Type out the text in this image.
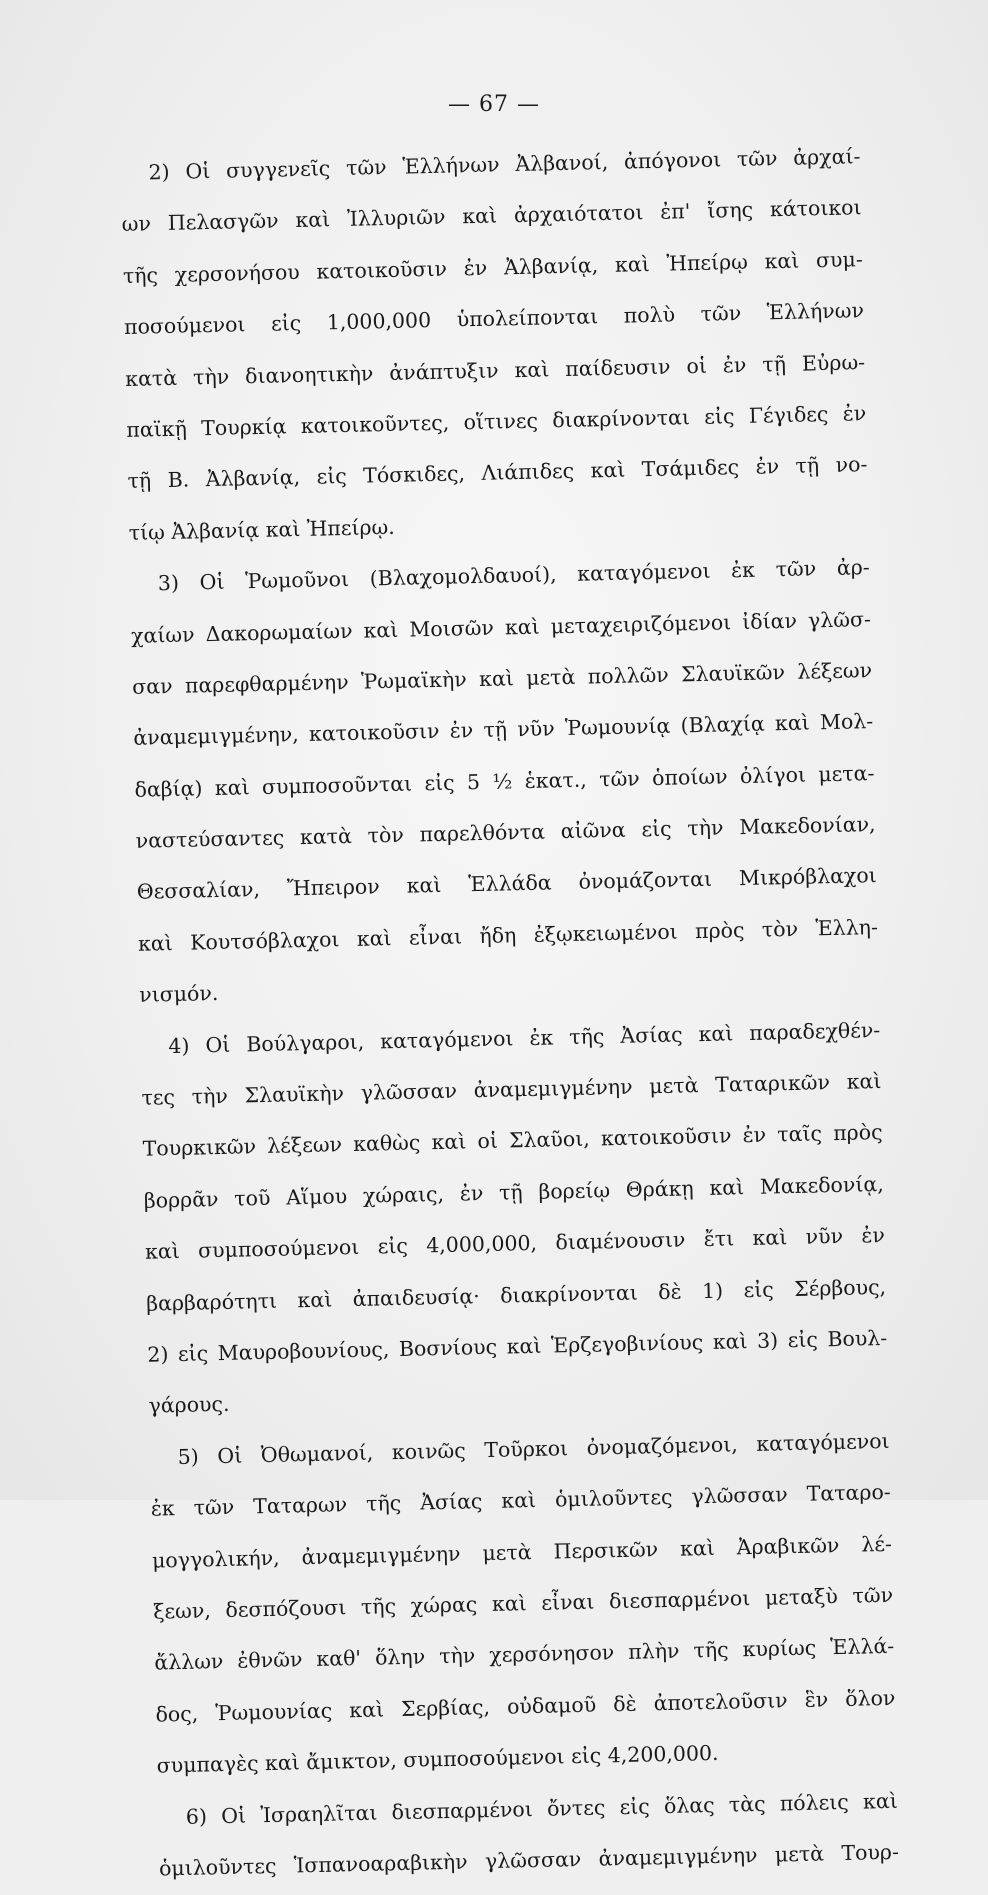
— 67 —
2) Οἱ συγγενεῖς τῶν Ἑλλήνων Ἀλβανοί, ἀπόγονοι τῶν ἀρχαί-
ων Πελασγῶν καὶ Ἰλλυριῶν καὶ ἀρχαιότατοι ἐπ' ἴσης κάτοικοι
τῆς χερσονήσου κατοικοῦσιν ἐν Ἀλβανίᾳ, καὶ Ἠπείρῳ καὶ συμ-
ποσούμενοι εἰς 1,000,000 ὑπολείπονται πολὺ τῶν Ἑλλήνων
κατὰ τὴν διανοητικὴν ἀνάπτυξιν καὶ παίδευσιν οἱ ἐν τῇ Εὐρω-
παϊκῇ Τουρκίᾳ κατοικοῦντες, οἵτινες διακρίνονται εἰς Γέγιδες ἐν
τῇ Β. Ἀλβανίᾳ, εἰς Τόσκιδες, Λιάπιδες καὶ Τσάμιδες ἐν τῇ νο-
τίῳ Ἀλβανίᾳ καὶ Ἠπείρῳ.
3) Οἱ Ῥωμοῦνοι (Βλαχομολδαυοί), καταγόμενοι ἐκ τῶν ἀρ-
χαίων Δακορωμαίων καὶ Μοισῶν καὶ μεταχειριζόμενοι ἰδίαν γλῶσ-
σαν παρεφθαρμένην Ῥωμαϊκὴν καὶ μετὰ πολλῶν Σλαυϊκῶν λέξεων
ἀναμεμιγμένην, κατοικοῦσιν ἐν τῇ νῦν Ῥωμουνίᾳ (Βλαχίᾳ καὶ Μολ-
δαβίᾳ) καὶ συμποσοῦνται εἰς 5 ½ ἑκατ., τῶν ὁποίων ὀλίγοι μετα-
ναστεύσαντες κατὰ τὸν παρελθόντα αἰῶνα εἰς τὴν Μακεδονίαν,
Θεσσαλίαν, Ἤπειρον καὶ Ἑλλάδα ὀνομάζονται Μικρόβλαχοι
καὶ Κουτσόβλαχοι καὶ εἶναι ἤδη ἐξῳκειωμένοι πρὸς τὸν Ἑλλη-
νισμόν.
4) Οἱ Βούλγαροι, καταγόμενοι ἐκ τῆς Ἀσίας καὶ παραδεχθέν-
τες τὴν Σλαυϊκὴν γλῶσσαν ἀναμεμιγμένην μετὰ Ταταρικῶν καὶ
Τουρκικῶν λέξεων καθὼς καὶ οἱ Σλαῦοι, κατοικοῦσιν ἐν ταῖς πρὸς
βορρᾶν τοῦ Αἵμου χώραις, ἐν τῇ βορείῳ Θράκῃ καὶ Μακεδονίᾳ,
καὶ συμποσούμενοι εἰς 4,000,000, διαμένουσιν ἔτι καὶ νῦν ἐν
βαρβαρότητι καὶ ἀπαιδευσίᾳ· διακρίνονται δὲ 1) εἰς Σέρβους,
2) εἰς Μαυροβουνίους, Βοσνίους καὶ Ἑρζεγοβινίους καὶ 3) εἰς Βουλ-
γάρους.
5) Οἱ Ὀθωμανοί, κοινῶς Τοῦρκοι ὀνομαζόμενοι, καταγόμενοι
ἐκ τῶν Ταταρων τῆς Ἀσίας καὶ ὁμιλοῦντες γλῶσσαν Ταταρο-
μογγολικήν, ἀναμεμιγμένην μετὰ Περσικῶν καὶ Ἀραβικῶν λέ-
ξεων, δεσπόζουσι τῆς χώρας καὶ εἶναι διεσπαρμένοι μεταξὺ τῶν
ἄλλων ἐθνῶν καθ' ὅλην τὴν χερσόνησον πλὴν τῆς κυρίως Ἑλλά-
δος, Ῥωμουνίας καὶ Σερβίας, οὐδαμοῦ δὲ ἀποτελοῦσιν ἓν ὅλον
συμπαγὲς καὶ ἄμικτον, συμποσούμενοι εἰς 4,200,000.
6) Οἱ Ἰσραηλῖται διεσπαρμένοι ὄντες εἰς ὅλας τὰς πόλεις καὶ
ὁμιλοῦντες Ἱσπανοαραβικὴν γλῶσσαν ἀναμεμιγμένην μετὰ Τουρ-
